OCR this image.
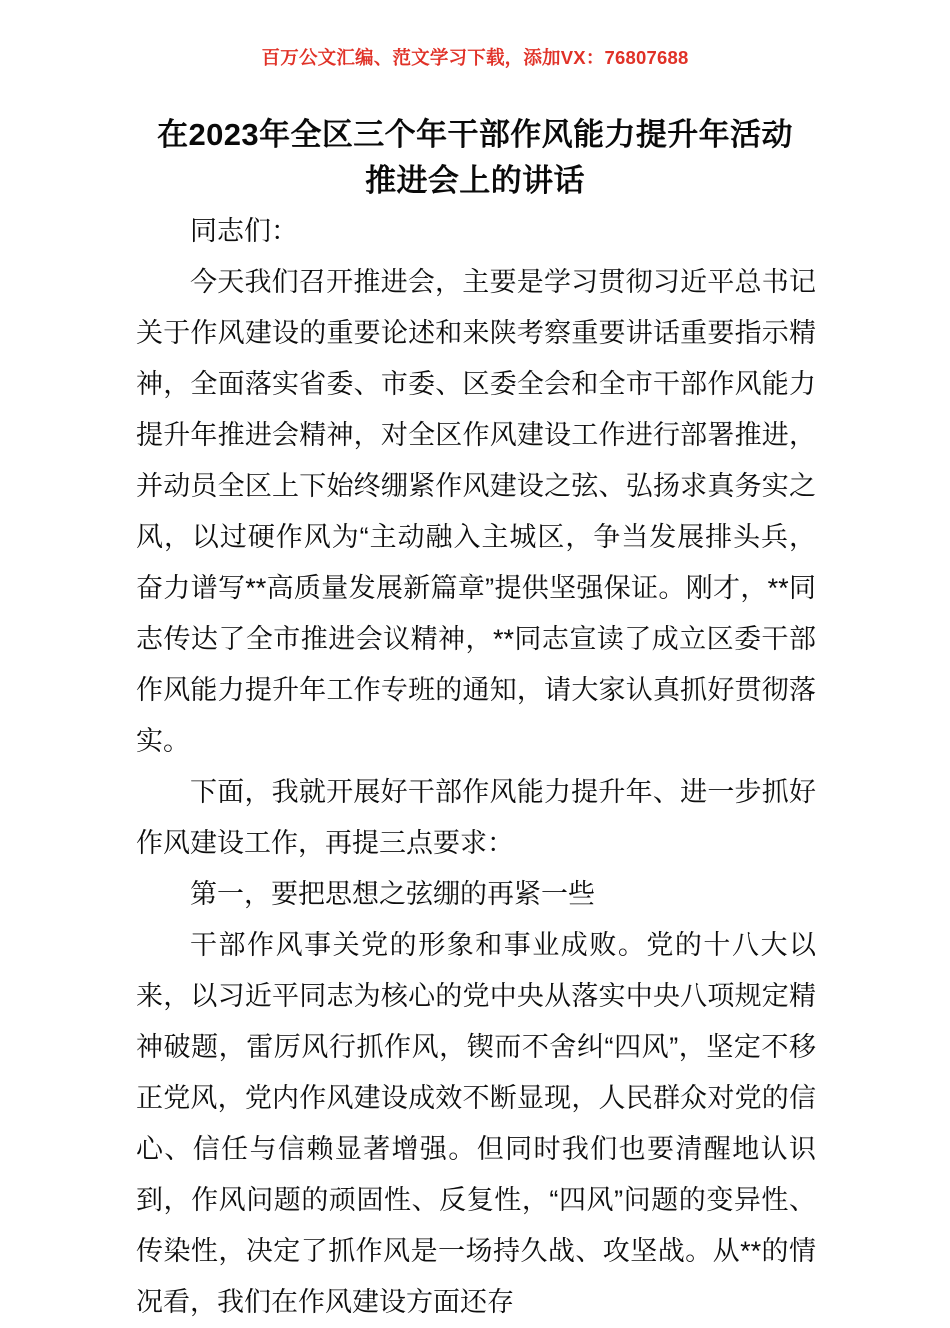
百万公文汇编、范文学习下载，添加VX：76807688
在2023年全区三个年干部作风能力提升年活动
推进会上的讲话

同志们：

今天我们召开推进会，主要是学习贯彻习近平总书记关于作风建设的重要论述和来陕考察重要讲话重要指示精神，全面落实省委、市委、区委全会和全市干部作风能力提升年推进会精神，对全区作风建设工作进行部署推进，并动员全区上下始终绷紧作风建设之弦、弘扬求真务实之风，以过硬作风为“主动融入主城区，争当发展排头兵，奋力谱写**高质量发展新篇章”提供坚强保证。刚才，**同志传达了全市推进会议精神，**同志宣读了成立区委干部作风能力提升年工作专班的通知，请大家认真抓好贯彻落实。

下面，我就开展好干部作风能力提升年、进一步抓好作风建设工作，再提三点要求：

第一，要把思想之弦绷的再紧一些

干部作风事关党的形象和事业成败。党的十八大以来，以习近平同志为核心的党中央从落实中央八项规定精神破题，雷厉风行抓作风，锲而不舍纠“四风”，坚定不移正党风，党内作风建设成效不断显现，人民群众对党的信心、信任与信赖显著增强。但同时我们也要清醒地认识到，作风问题的顽固性、反复性，“四风”问题的变异性、传染性，决定了抓作风是一场持久战、攻坚战。从**的情况看，我们在作风建设方面还存
